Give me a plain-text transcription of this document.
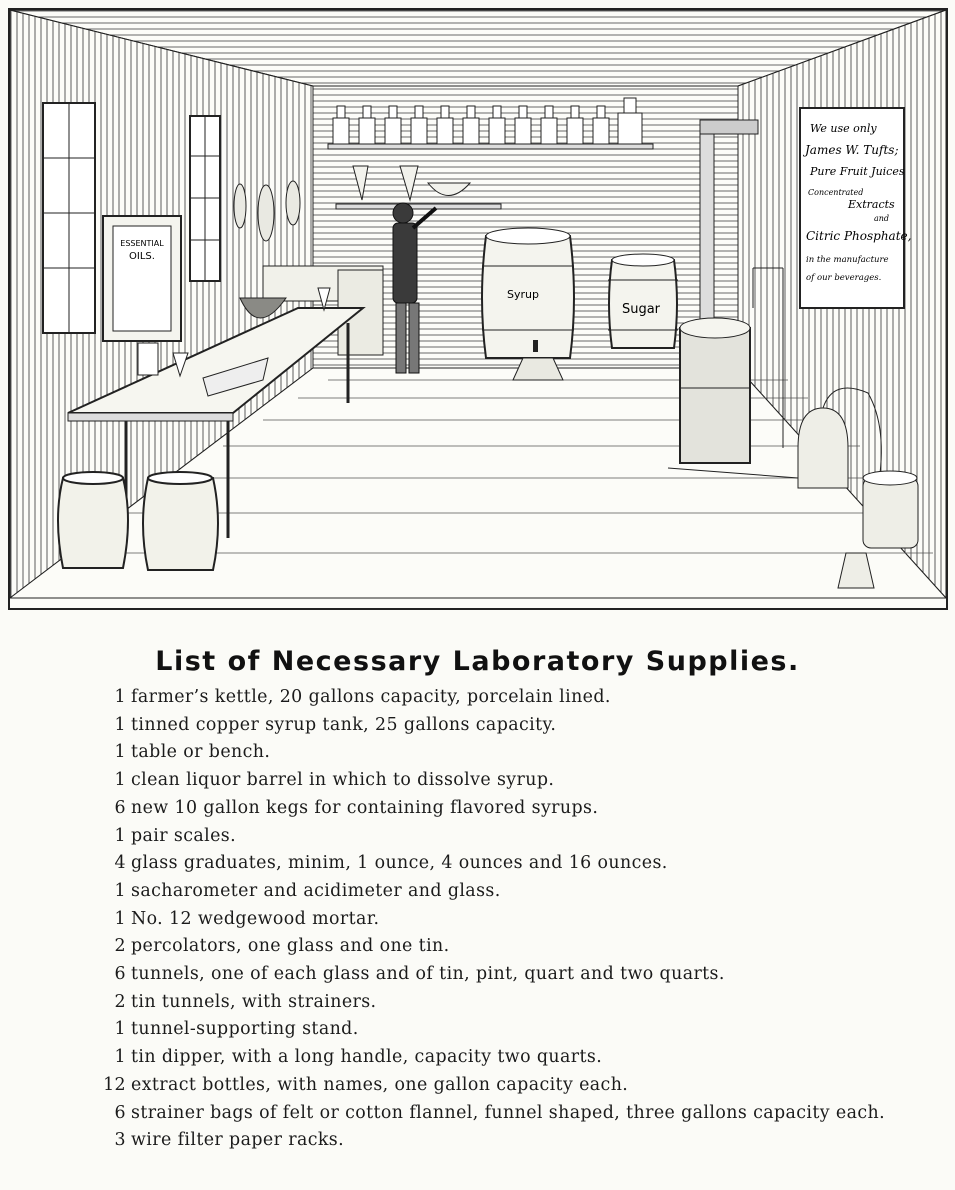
ESSENTIAL
OILS.
Syrup
Sugar
We use only
James W. Tufts;
Pure Fruit Juices
Concentrated
Extracts
and
Citric Phosphate,
in the manufacture
of our beverages.
List of Necessary Laboratory Supplies.
1 farmer’s kettle, 20 gallons capacity, porcelain lined.
1 tinned copper syrup tank, 25 gallons capacity.
1 table or bench.
1 clean liquor barrel in which to dissolve syrup.
6 new 10 gallon kegs for containing flavored syrups.
1 pair scales.
4 glass graduates, minim, 1 ounce, 4 ounces and 16 ounces.
1 sacharometer and acidimeter and glass.
1 No. 12 wedgewood mortar.
2 percolators, one glass and one tin.
6 tunnels, one of each glass and of tin, pint, quart and two quarts.
2 tin tunnels, with strainers.
1 tunnel-supporting stand.
1 tin dipper, with a long handle, capacity two quarts.
12 extract bottles, with names, one gallon capacity each.
6 strainer bags of felt or cotton flannel, funnel shaped, three gallons capacity each.
3 wire filter paper racks.
